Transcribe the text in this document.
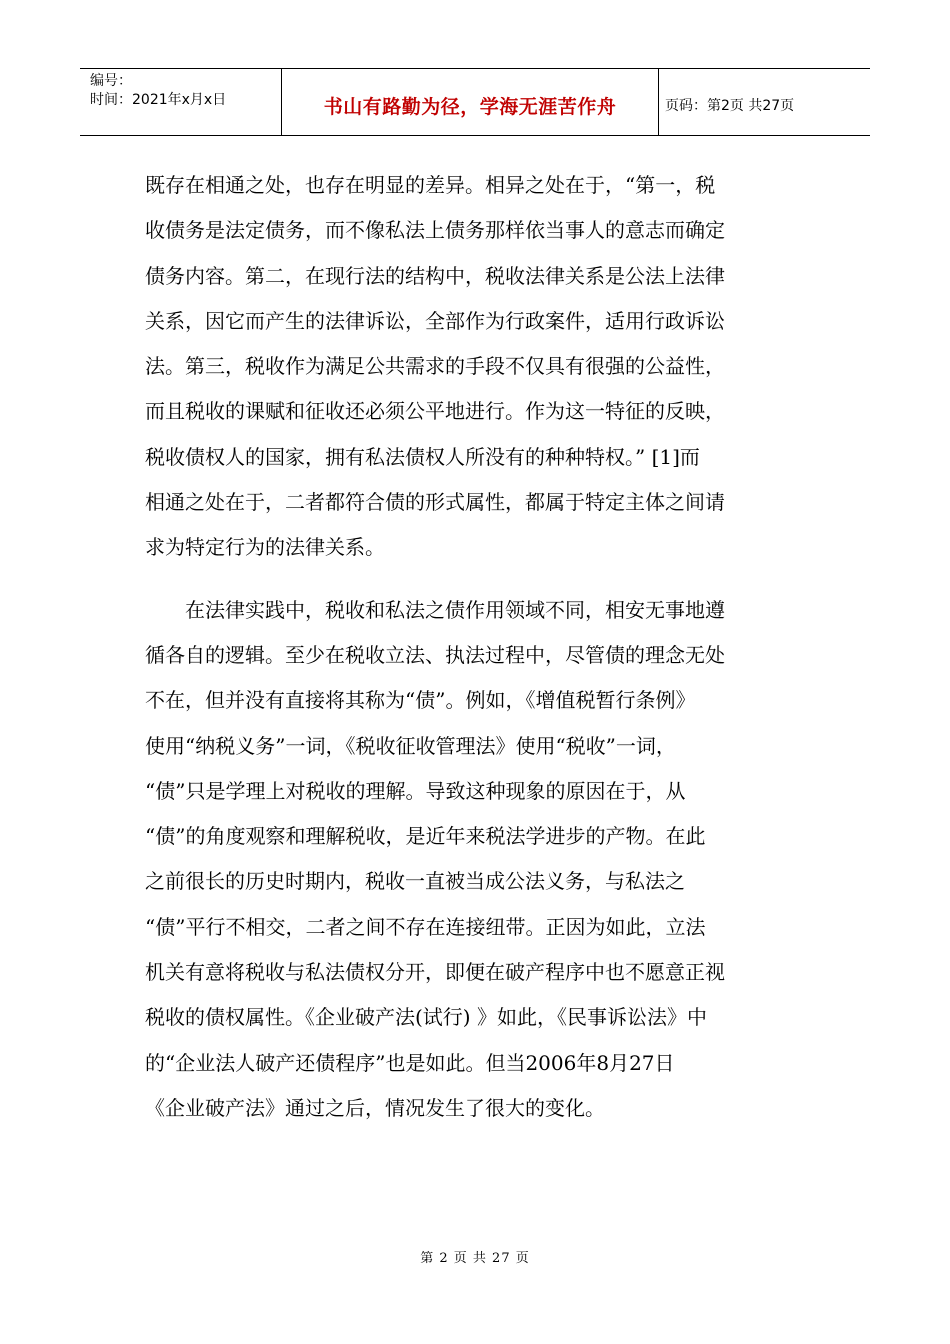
编号：
时间：2021年x月x日	书山有路勤为径，学海无涯苦作舟	页码：第2页 共27页

既存在相通之处，也存在明显的差异。相异之处在于，“第一，税

收债务是法定债务，而不像私法上债务那样依当事人的意志而确定

债务内容。第二，在现行法的结构中，税收法律关系是公法上法律

关系，因它而产生的法律诉讼，全部作为行政案件，适用行政诉讼

法。第三，税收作为满足公共需求的手段不仅具有很强的公益性，

而且税收的课赋和征收还必须公平地进行。作为这一特征的反映，

税收债权人的国家，拥有私法债权人所没有的种种特权。” [1]而

相通之处在于，二者都符合债的形式属性，都属于特定主体之间请

求为特定行为的法律关系。

　　在法律实践中，税收和私法之债作用领域不同，相安无事地遵

循各自的逻辑。至少在税收立法、执法过程中，尽管债的理念无处

不在，但并没有直接将其称为“债”。例如，《增值税暂行条例》

使用“纳税义务”一词，《税收征收管理法》使用“税收”一词，

“债”只是学理上对税收的理解。导致这种现象的原因在于，从

“债”的角度观察和理解税收，是近年来税法学进步的产物。在此

之前很长的历史时期内，税收一直被当成公法义务，与私法之

“债”平行不相交，二者之间不存在连接纽带。正因为如此，立法

机关有意将税收与私法债权分开，即便在破产程序中也不愿意正视

税收的债权属性。《企业破产法(试行) 》如此，《民事诉讼法》中

的“企业法人破产还债程序”也是如此。但当2006年8月27日

《企业破产法》通过之后，情况发生了很大的变化。

第 2 页 共 27 页
